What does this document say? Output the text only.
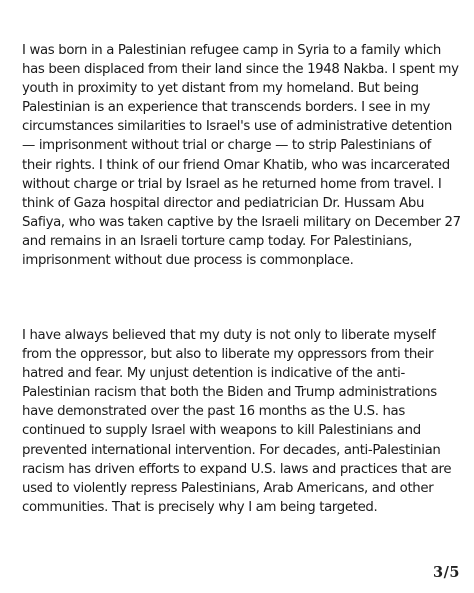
I was born in a Palestinian refugee camp in Syria to a family which has been displaced from their land since the 1948 Nakba. I spent my youth in proximity to yet distant from my homeland. But being Palestinian is an experience that transcends borders. I see in my circumstances similarities to Israel's use of administrative detention — imprisonment without trial or charge — to strip Palestinians of their rights. I think of our friend Omar Khatib, who was incarcerated without charge or trial by Israel as he returned home from travel. I think of Gaza hospital director and pediatrician Dr. Hussam Abu Safiya, who was taken captive by the Israeli military on December 27 and remains in an Israeli torture camp today. For Palestinians, imprisonment without due process is commonplace.

I have always believed that my duty is not only to liberate myself from the oppressor, but also to liberate my oppressors from their hatred and fear. My unjust detention is indicative of the anti-Palestinian racism that both the Biden and Trump administrations have demonstrated over the past 16 months as the U.S. has continued to supply Israel with weapons to kill Palestinians and prevented international intervention. For decades, anti-Palestinian racism has driven efforts to expand U.S. laws and practices that are used to violently repress Palestinians, Arab Americans, and other communities. That is precisely why I am being targeted.

3/5
